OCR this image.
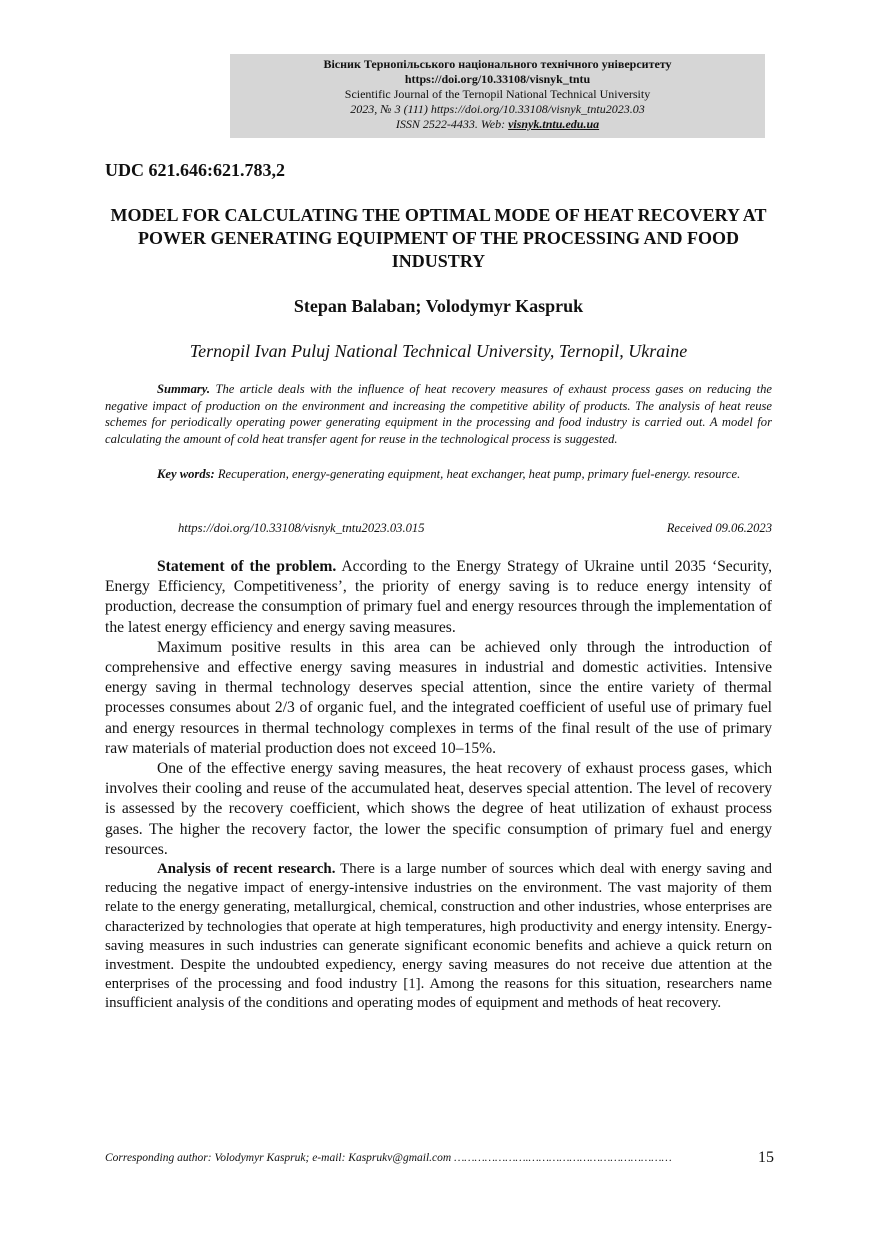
Вісник Тернопільського національного технічного університету
https://doi.org/10.33108/visnyk_tntu
Scientific Journal of the Ternopil National Technical University
2023, № 3 (111) https://doi.org/10.33108/visnyk_tntu2023.03
ISSN 2522-4433. Web: visnyk.tntu.edu.ua
UDC 621.646:621.783,2
MODEL FOR CALCULATING THE OPTIMAL MODE OF HEAT RECOVERY AT POWER GENERATING EQUIPMENT OF THE PROCESSING AND FOOD INDUSTRY
Stepan Balaban; Volodymyr Kaspruk
Ternopil Ivan Puluj National Technical University, Ternopil, Ukraine
Summary. The article deals with the influence of heat recovery measures of exhaust process gases on reducing the negative impact of production on the environment and increasing the competitive ability of products. The analysis of heat reuse schemes for periodically operating power generating equipment in the processing and food industry is carried out. A model for calculating the amount of cold heat transfer agent for reuse in the technological process is suggested.
Key words: Recuperation, energy-generating equipment, heat exchanger, heat pump, primary fuel-energy. resource.
https://doi.org/10.33108/visnyk_tntu2023.03.015	Received 09.06.2023

Statement of the problem. According to the Energy Strategy of Ukraine until 2035 ‘Security, Energy Efficiency, Competitiveness’, the priority of energy saving is to reduce energy intensity of production, decrease the consumption of primary fuel and energy resources through the implementation of the latest energy efficiency and energy saving measures.

Maximum positive results in this area can be achieved only through the introduction of comprehensive and effective energy saving measures in industrial and domestic activities. Intensive energy saving in thermal technology deserves special attention, since the entire variety of thermal processes consumes about 2/3 of organic fuel, and the integrated coefficient of useful use of primary fuel and energy resources in thermal technology complexes in terms of the final result of the use of primary raw materials of material production does not exceed 10–15%.

One of the effective energy saving measures, the heat recovery of exhaust process gases, which involves their cooling and reuse of the accumulated heat, deserves special attention. The level of recovery is assessed by the recovery coefficient, which shows the degree of heat utilization of exhaust process gases. The higher the recovery factor, the lower the specific consumption of primary fuel and energy resources.

Analysis of recent research. There is a large number of sources which deal with energy saving and reducing the negative impact of energy-intensive industries on the environment. The vast majority of them relate to the energy generating, metallurgical, chemical, construction and other industries, whose enterprises are characterized by technologies that operate at high temperatures, high productivity and energy intensity. Energy-saving measures in such industries can generate significant economic benefits and achieve a quick return on investment. Despite the undoubted expediency, energy saving measures do not receive due attention at the enterprises of the processing and food industry [1]. Among the reasons for this situation, researchers name insufficient analysis of the conditions and operating modes of equipment and methods of heat recovery.

Corresponding author: Volodymyr Kaspruk; e-mail: Kasprukv@gmail.com ………………….……………………………………	15
